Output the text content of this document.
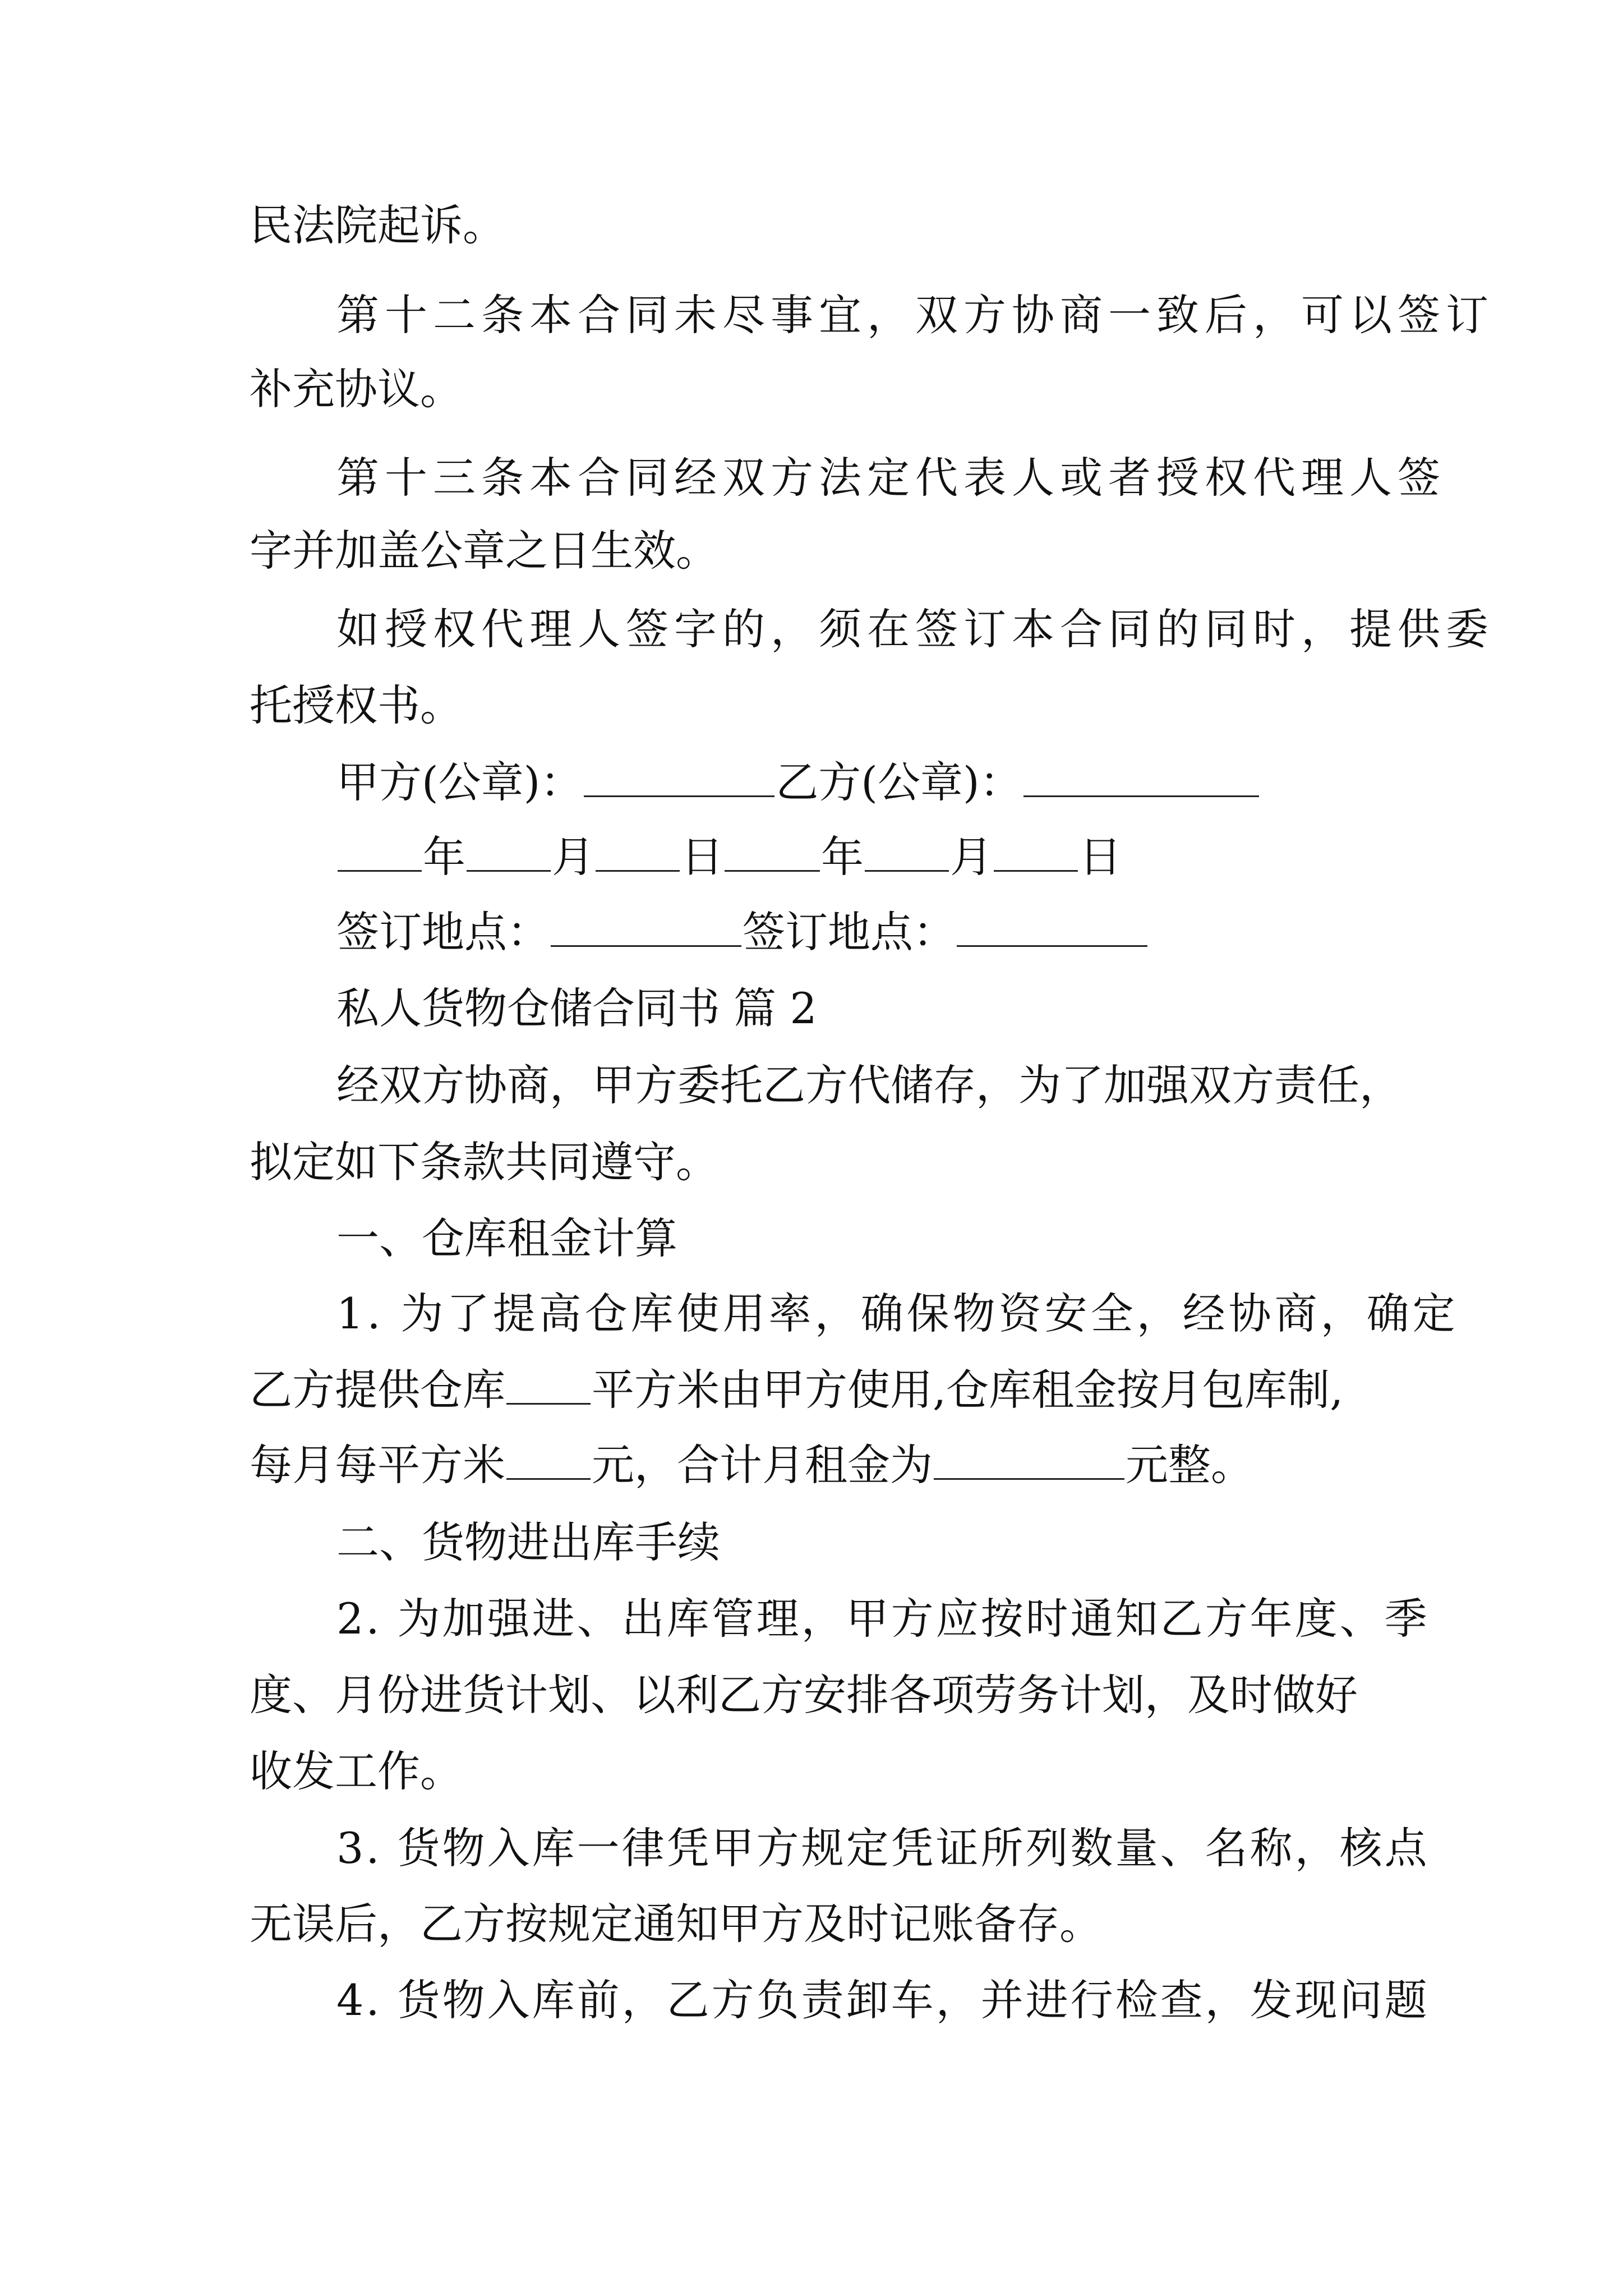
民法院起诉。
第十二条本合同未尽事宜，双方协商一致后，可以签订
补充协议。
第十三条本合同经双方法定代表人或者授权代理人签
字并加盖公章之日生效。
如授权代理人签字的，须在签订本合同的同时，提供委
托授权书。
甲方(公章)：	乙方(公章)：
年 月 日 年 月 日
签订地点：	签订地点：
私人货物仓储合同书 篇 2
经双方协商，甲方委托乙方代储存，为了加强双方责任，
拟定如下条款共同遵守。
一、仓库租金计算
1. 为了提高仓库使用率，确保物资安全，经协商，确定
乙方提供仓库 平方米由甲方使用,仓库租金按月包库制,
每月每平方米 元，合计月租金为	元整。
二、货物进出库手续
2. 为加强进、出库管理，甲方应按时通知乙方年度、季
度、月份进货计划、以利乙方安排各项劳务计划，及时做好
收发工作。
3. 货物入库一律凭甲方规定凭证所列数量、名称，核点
无误后，乙方按规定通知甲方及时记账备存。
4. 货物入库前，乙方负责卸车，并进行检查，发现问题
